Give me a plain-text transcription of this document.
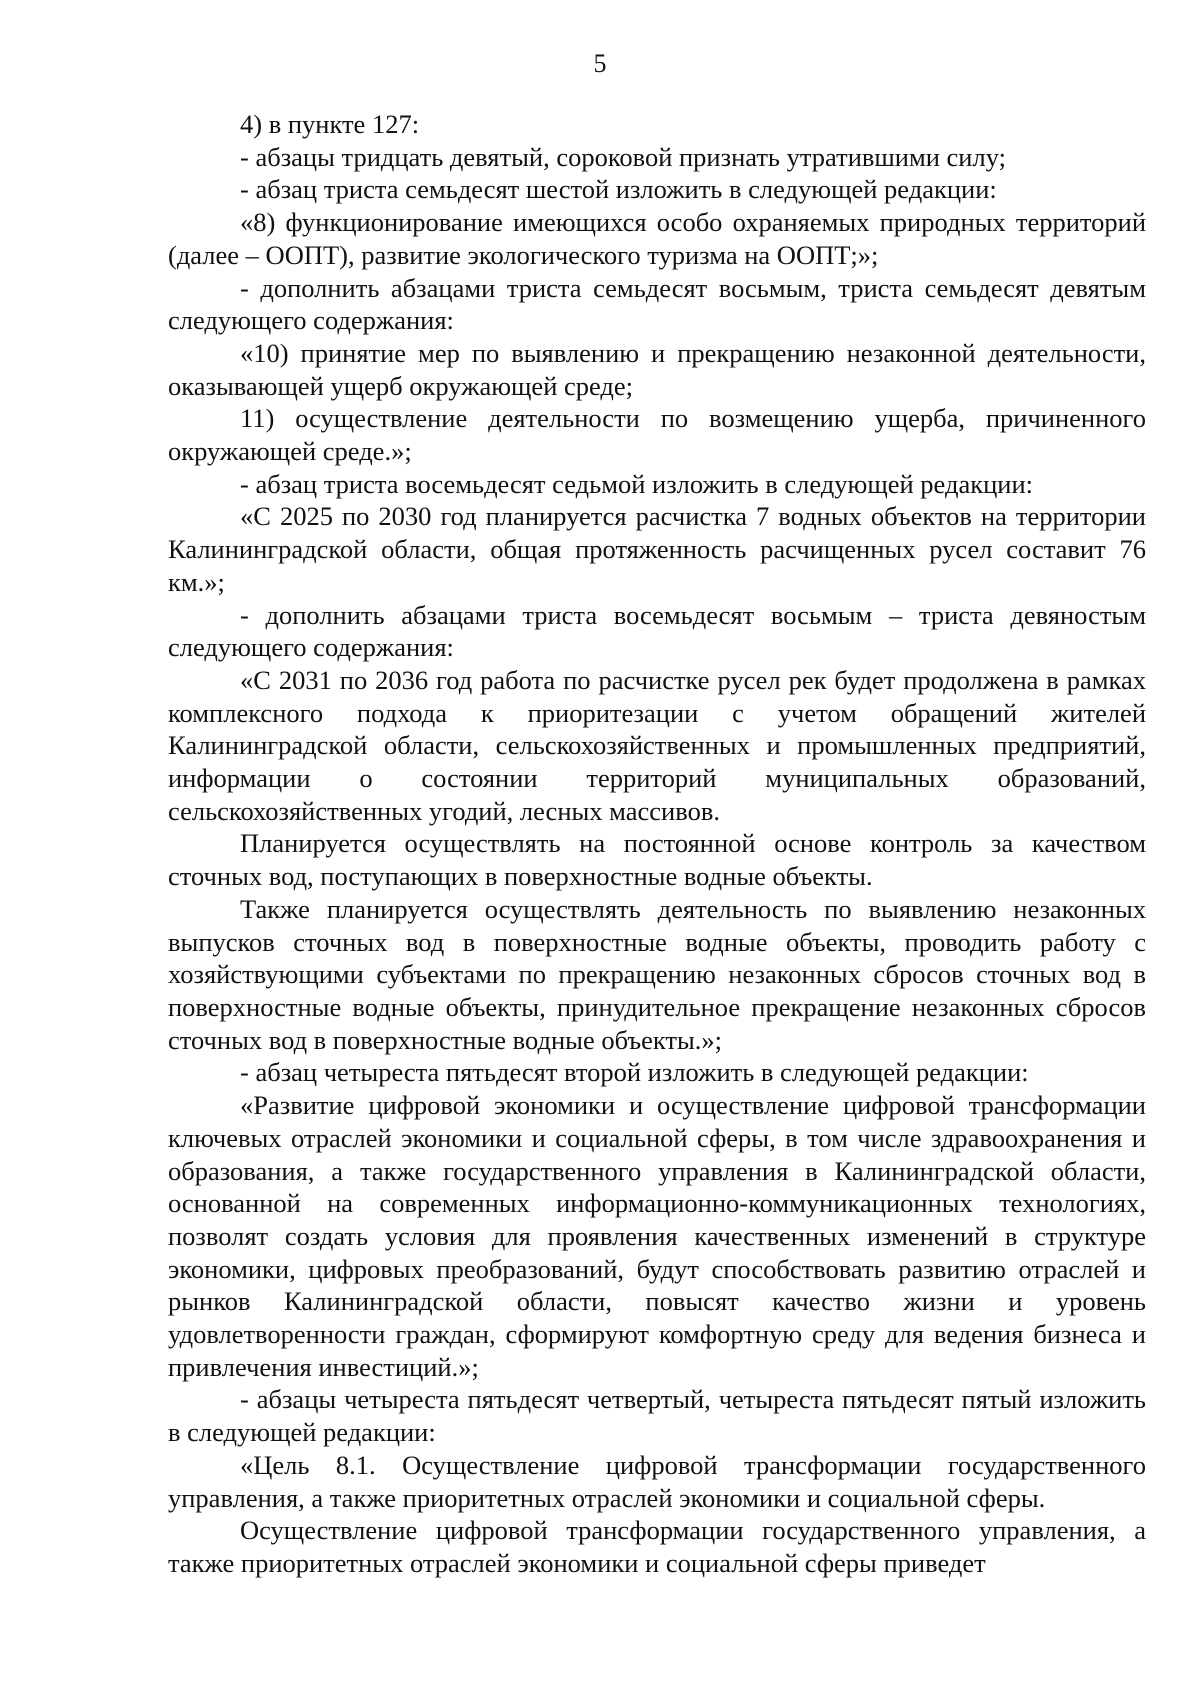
5

4) в пункте 127:

- абзацы тридцать девятый, сороковой признать утратившими силу;

- абзац триста семьдесят шестой изложить в следующей редакции:

«8) функционирование имеющихся особо охраняемых природных территорий (далее – ООПТ), развитие экологического туризма на ООПТ;»;

- дополнить абзацами триста семьдесят восьмым, триста семьдесят девятым следующего содержания:

«10) принятие мер по выявлению и прекращению незаконной деятельности, оказывающей ущерб окружающей среде;

11) осуществление деятельности по возмещению ущерба, причиненного окружающей среде.»;

- абзац триста восемьдесят седьмой изложить в следующей редакции:

«С 2025 по 2030 год планируется расчистка 7 водных объектов на территории Калининградской области, общая протяженность расчищенных русел составит 76 км.»;

- дополнить абзацами триста восемьдесят восьмым – триста девяностым следующего содержания:

«С 2031 по 2036 год работа по расчистке русел рек будет продолжена в рамках комплексного подхода к приоритезации с учетом обращений жителей Калининградской области, сельскохозяйственных и промышленных предприятий, информации о состоянии территорий муниципальных образований, сельскохозяйственных угодий, лесных массивов.

Планируется осуществлять на постоянной основе контроль за качеством сточных вод, поступающих в поверхностные водные объекты.

Также планируется осуществлять деятельность по выявлению незаконных выпусков сточных вод в поверхностные водные объекты, проводить работу с хозяйствующими субъектами по прекращению незаконных сбросов сточных вод в поверхностные водные объекты, принудительное прекращение незаконных сбросов сточных вод в поверхностные водные объекты.»;

- абзац четыреста пятьдесят второй изложить в следующей редакции:

«Развитие цифровой экономики и осуществление цифровой трансформации ключевых отраслей экономики и социальной сферы, в том числе здравоохранения и образования, а также государственного управления в Калининградской области, основанной на современных информационно-коммуникационных технологиях, позволят создать условия для проявления качественных изменений в структуре экономики, цифровых преобразований, будут способствовать развитию отраслей и рынков Калининградской области, повысят качество жизни и уровень удовлетворенности граждан, сформируют комфортную среду для ведения бизнеса и привлечения инвестиций.»;

- абзацы четыреста пятьдесят четвертый, четыреста пятьдесят пятый изложить в следующей редакции:

«Цель 8.1. Осуществление цифровой трансформации государственного управления, а также приоритетных отраслей экономики и социальной сферы.

Осуществление цифровой трансформации государственного управления, а также приоритетных отраслей экономики и социальной сферы приведет
